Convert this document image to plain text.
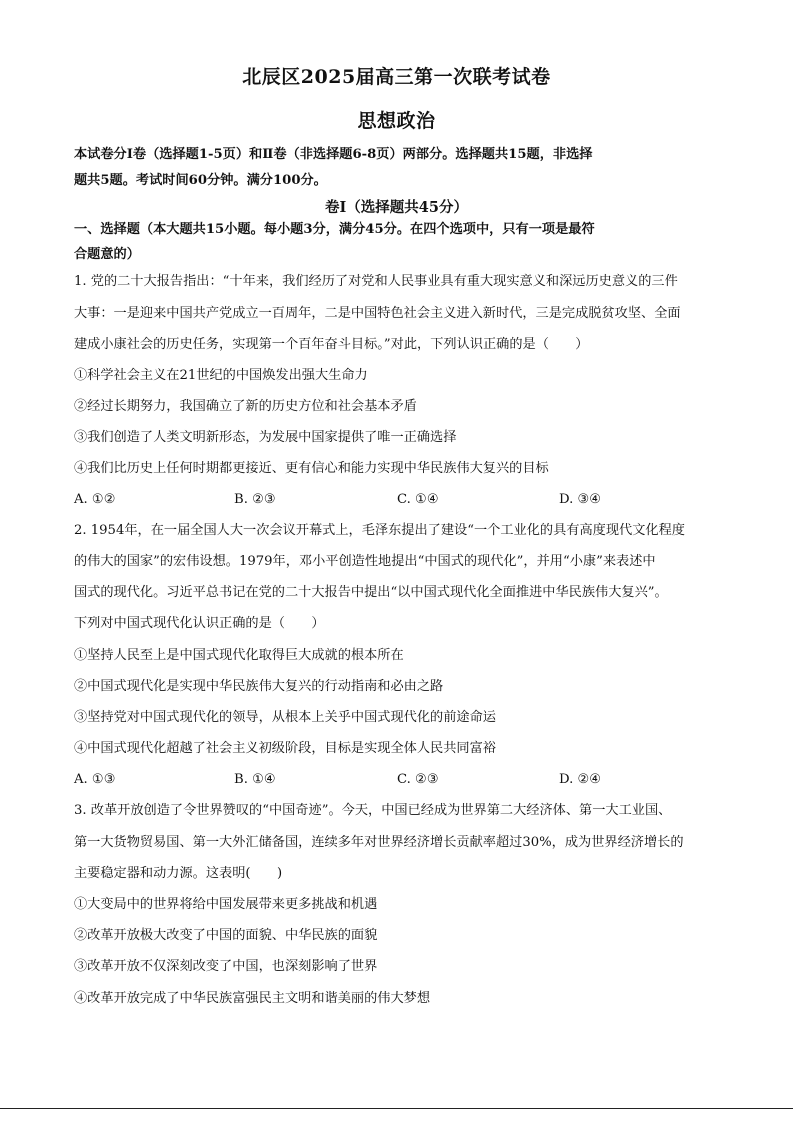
北辰区2025届高三第一次联考试卷
思想政治
本试卷分Ⅰ卷（选择题1-5页）和Ⅱ卷（非选择题6-8页）两部分。选择题共15题，非选择
题共5题。考试时间60分钟。满分100分。
卷Ⅰ（选择题共45分）
一、选择题（本大题共15小题。每小题3分，满分45分。在四个选项中，只有一项是最符
合题意的）
1. 党的二十大报告指出：“十年来，我们经历了对党和人民事业具有重大现实意义和深远历史意义的三件
大事：一是迎来中国共产党成立一百周年，二是中国特色社会主义进入新时代，三是完成脱贫攻坚、全面
建成小康社会的历史任务，实现第一个百年奋斗目标。”对此，下列认识正确的是（　　）
①科学社会主义在21世纪的中国焕发出强大生命力
②经过长期努力，我国确立了新的历史方位和社会基本矛盾
③我们创造了人类文明新形态，为发展中国家提供了唯一正确选择
④我们比历史上任何时期都更接近、更有信心和能力实现中华民族伟大复兴的目标
A. ①②	B. ②③	C. ①④	D. ③④
2. 1954年，在一届全国人大一次会议开幕式上，毛泽东提出了建设“一个工业化的具有高度现代文化程度
的伟大的国家”的宏伟设想。1979年，邓小平创造性地提出“中国式的现代化”，并用“小康”来表述中
国式的现代化。习近平总书记在党的二十大报告中提出“以中国式现代化全面推进中华民族伟大复兴”。
下列对中国式现代化认识正确的是（　　）
①坚持人民至上是中国式现代化取得巨大成就的根本所在
②中国式现代化是实现中华民族伟大复兴的行动指南和必由之路
③坚持党对中国式现代化的领导，从根本上关乎中国式现代化的前途命运
④中国式现代化超越了社会主义初级阶段，目标是实现全体人民共同富裕
A. ①③	B. ①④	C. ②③	D. ②④
3. 改革开放创造了令世界赞叹的“中国奇迹”。今天，中国已经成为世界第二大经济体、第一大工业国、
第一大货物贸易国、第一大外汇储备国，连续多年对世界经济增长贡献率超过30%，成为世界经济增长的
主要稳定器和动力源。这表明(　　)
①大变局中的世界将给中国发展带来更多挑战和机遇
②改革开放极大改变了中国的面貌、中华民族的面貌
③改革开放不仅深刻改变了中国，也深刻影响了世界
④改革开放完成了中华民族富强民主文明和谐美丽的伟大梦想
